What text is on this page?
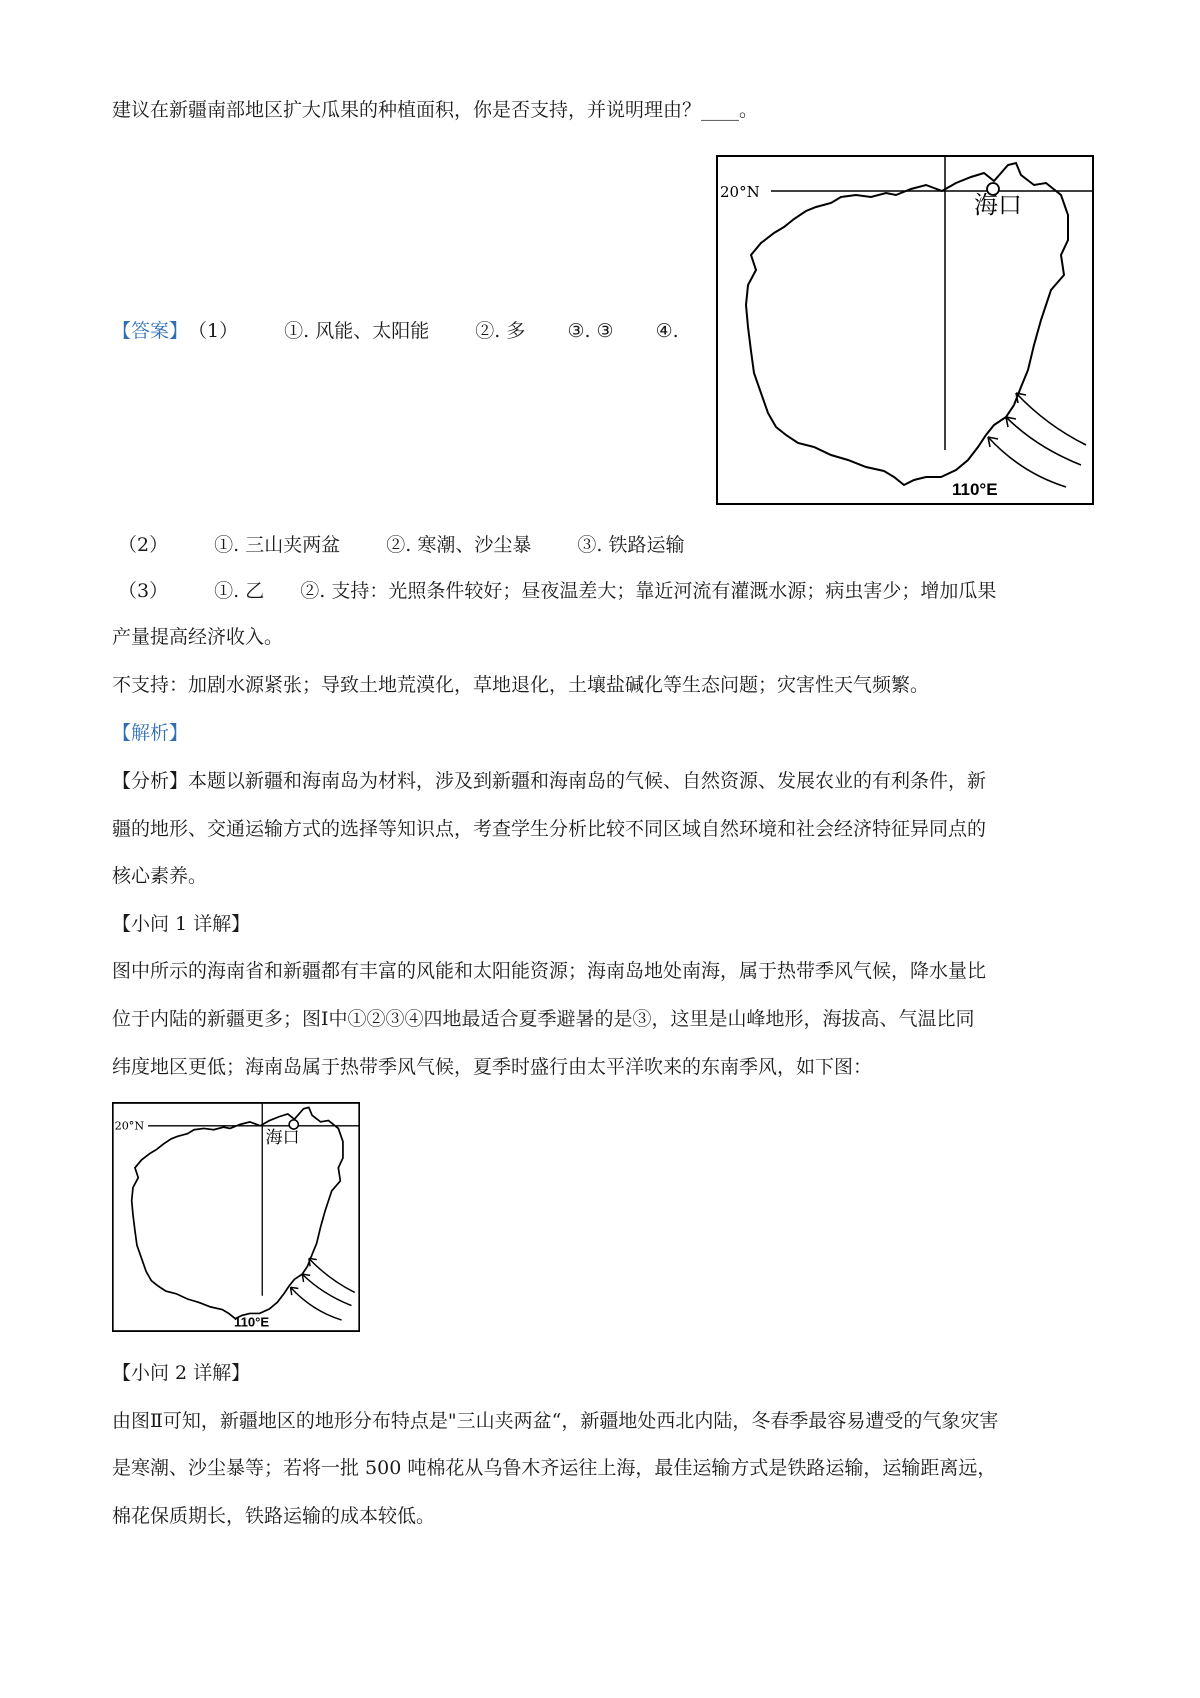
建议在新疆南部地区扩大瓜果的种植面积，你是否支持，并说明理由？____。
20°N	海口
110°E
【答案】（1） ①. 风能、太阳能 ②. 多 ③. ③ ④.
（2） ①. 三山夹两盆 ②. 寒潮、沙尘暴 ③. 铁路运输
（3） ①. 乙 ②. 支持：光照条件较好；昼夜温差大；靠近河流有灌溉水源；病虫害少；增加瓜果
产量提高经济收入。
不支持：加剧水源紧张；导致土地荒漠化，草地退化，土壤盐碱化等生态问题；灾害性天气频繁。
【解析】
【分析】本题以新疆和海南岛为材料，涉及到新疆和海南岛的气候、自然资源、发展农业的有利条件，新
疆的地形、交通运输方式的选择等知识点，考查学生分析比较不同区域自然环境和社会经济特征异同点的
核心素养。
【小问 1 详解】
图中所示的海南省和新疆都有丰富的风能和太阳能资源；海南岛地处南海，属于热带季风气候，降水量比
位于内陆的新疆更多；图Ⅰ中①②③④四地最适合夏季避暑的是③，这里是山峰地形，海拔高、气温比同
纬度地区更低；海南岛属于热带季风气候，夏季时盛行由太平洋吹来的东南季风，如下图：
20°N
海口
110°E
【小问 2 详解】
由图Ⅱ可知，新疆地区的地形分布特点是"三山夹两盆“，新疆地处西北内陆，冬春季最容易遭受的气象灾害
是寒潮、沙尘暴等；若将一批 500 吨棉花从乌鲁木齐运往上海，最佳运输方式是铁路运输，运输距离远，
棉花保质期长，铁路运输的成本较低。
